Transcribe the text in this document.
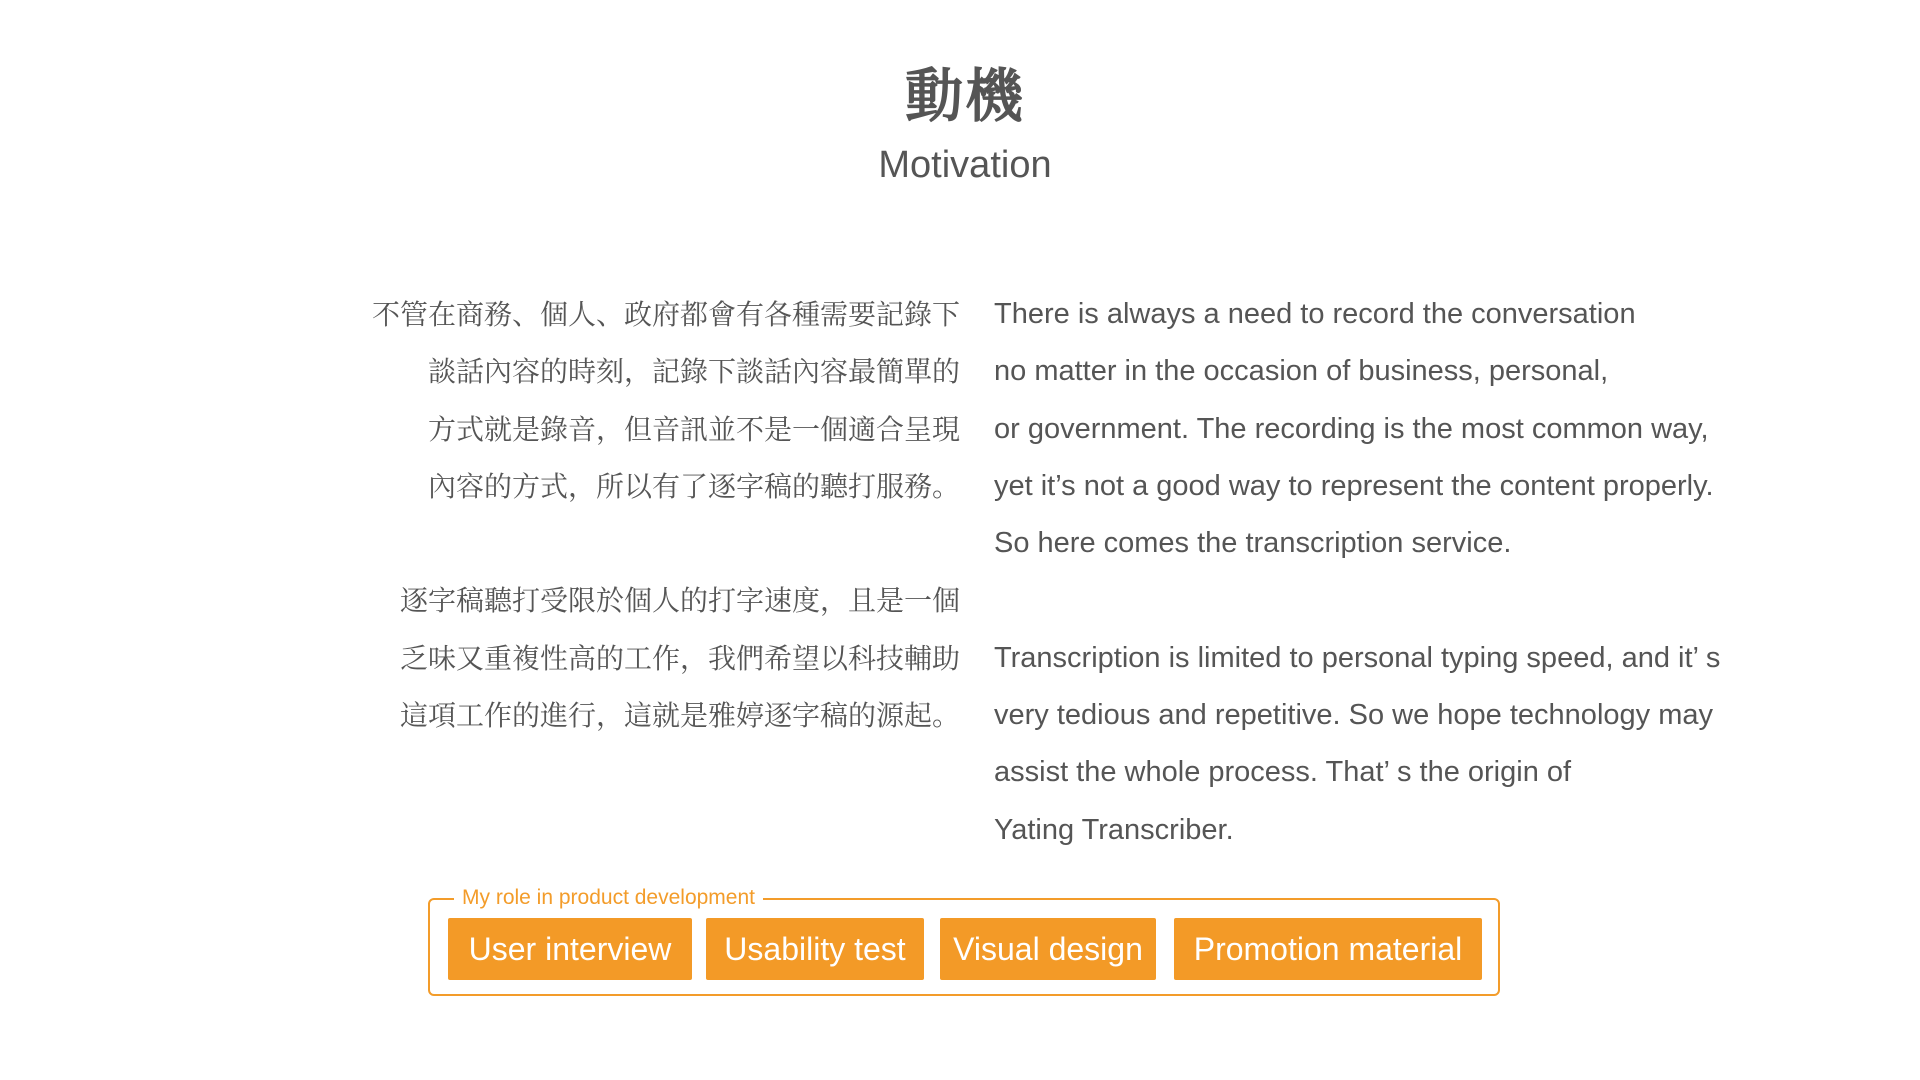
動機
Motivation
不管在商務、個人、政府都會有各種需要記錄下
談話內容的時刻，記錄下談話內容最簡單的
方式就是錄音，但音訊並不是一個適合呈現
內容的方式，所以有了逐字稿的聽打服務。
逐字稿聽打受限於個人的打字速度，且是一個
乏味又重複性高的工作，我們希望以科技輔助
這項工作的進行，這就是雅婷逐字稿的源起。
There is always a need to record the conversation
no matter in the occasion of business, personal,
or government. The recording is the most common way,
yet it’s not a good way to represent the content properly.
So here comes the transcription service.
Transcription is limited to personal typing speed, and it’ s
very tedious and repetitive. So we hope technology may
assist the whole process. That’ s the origin of
Yating Transcriber.
My role in product development
User interview	Usability test	Visual design	Promotion material
